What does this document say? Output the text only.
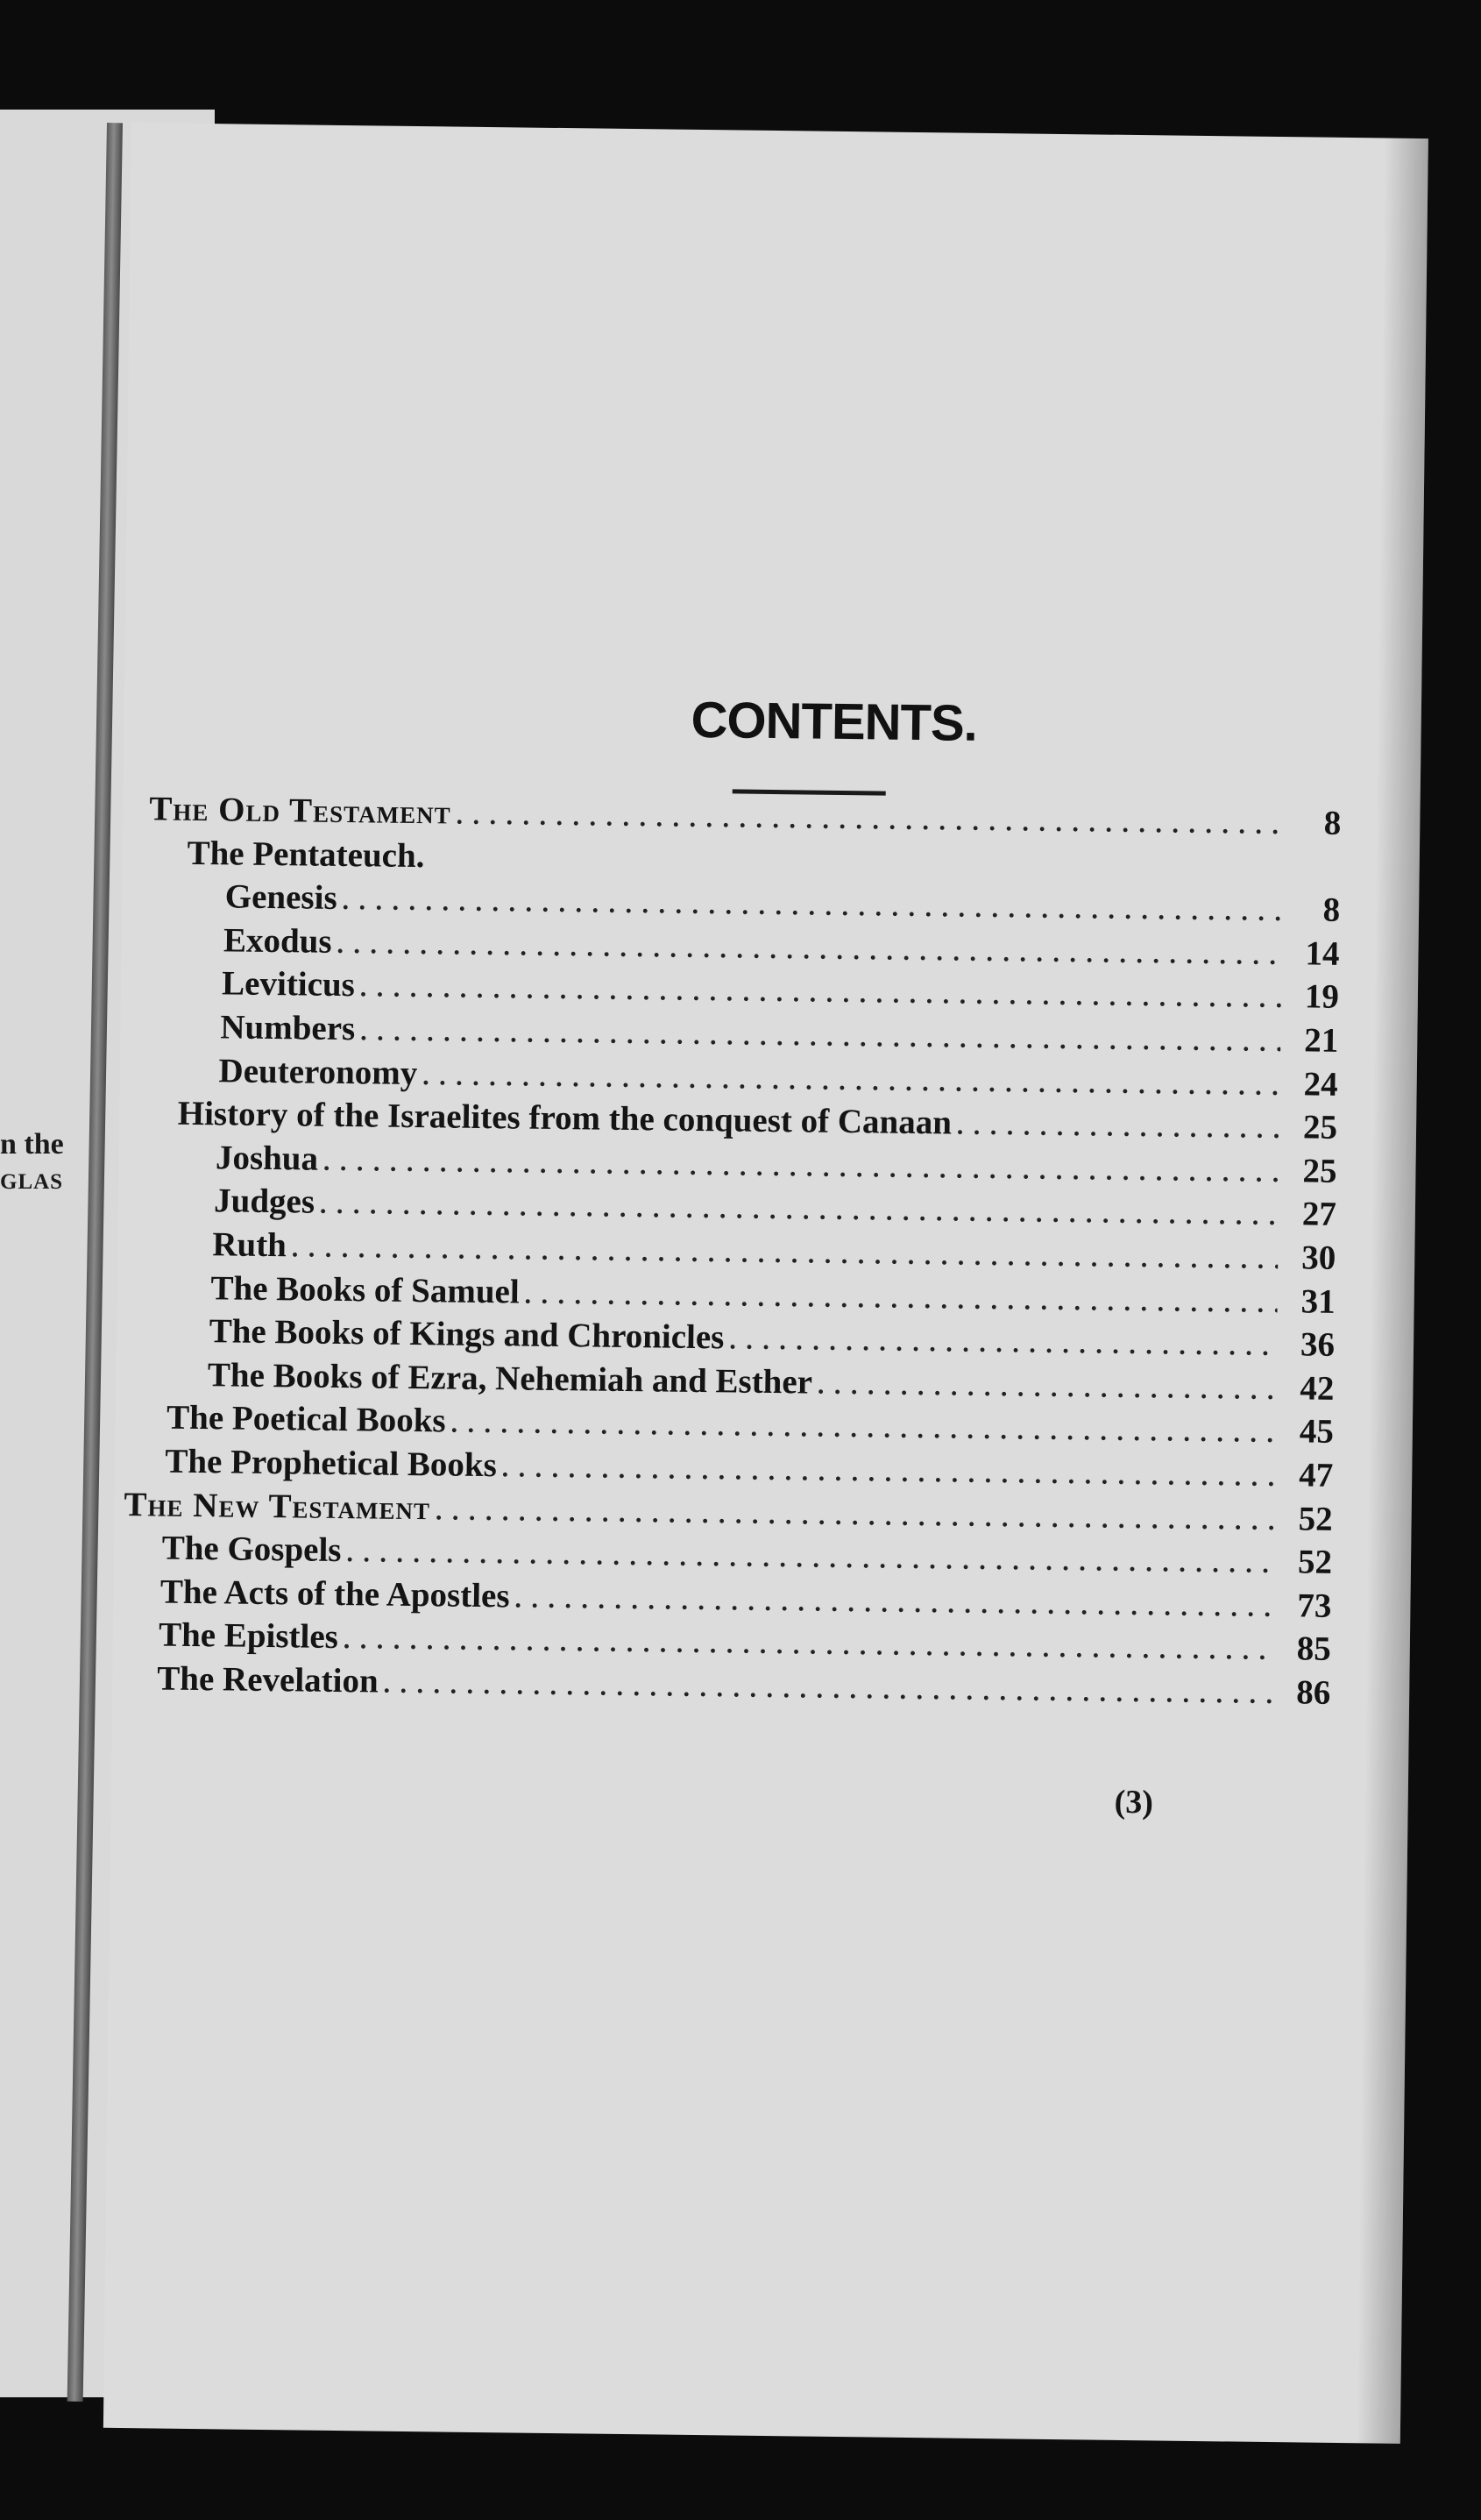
n the
GLAS
CONTENTS.
The Old Testament . . .	8
The Pentateuch.
Genesis . . .	8
Exodus . . .	14
Leviticus . . .	19
Numbers . . .	21
Deuteronomy . . .	24
History of the Israelites from the conquest of Canaan . . .	25
Joshua . . .	25
Judges . . .	27
Ruth . . .	30
The Books of Samuel . . .	31
The Books of Kings and Chronicles . . .	36
The Books of Ezra, Nehemiah and Esther . . .	42
The Poetical Books . . .	45
The Prophetical Books . . .	47
The New Testament . . .	52
The Gospels . . .	52
The Acts of the Apostles . . .	73
The Epistles . . .	85
The Revelation . . .	86
(3)
